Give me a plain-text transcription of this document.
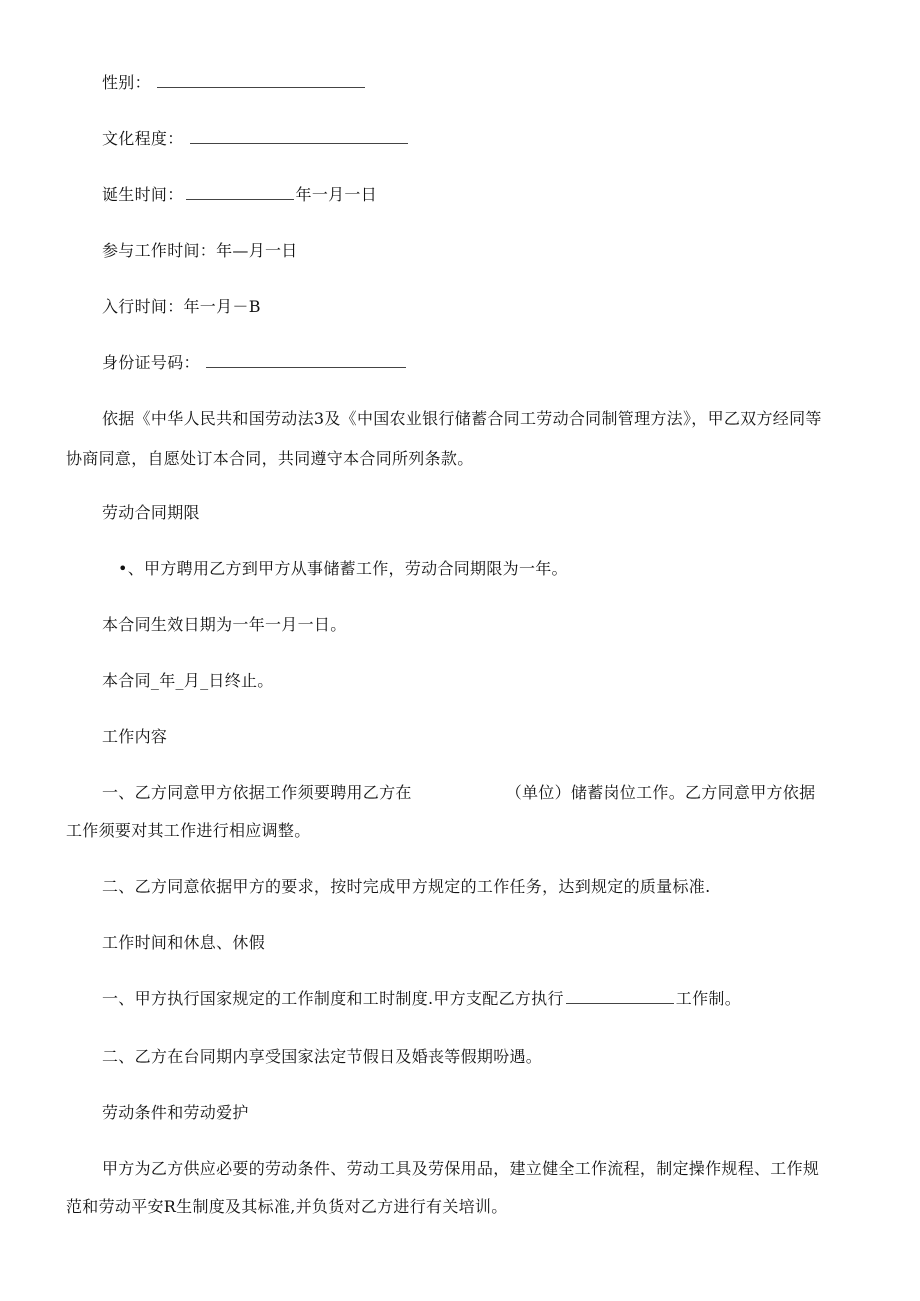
性别：
文化程度：
诞生时间：	年一月一日
参与工作时间：年—月一日
入行时间：年一月－B
身份证号码：
依据《中华人民共和国劳动法3及《中国农业银行储蓄合同工劳动合同制管理方法》，甲乙双方经同等
协商同意，自愿处订本合同，共同遵守本合同所列条款。
劳动合同期限
•、甲方聘用乙方到甲方从事储蓄工作，劳动合同期限为一年。
本合同生效日期为一年一月一日。
本合同_年_月_日终止。
工作内容
一、乙方同意甲方依据工作须要聘用乙方在	（单位）储蓄岗位工作。乙方同意甲方依据
工作须要对其工作进行相应调整。
二、乙方同意依据甲方的要求，按时完成甲方规定的工作任务，达到规定的质量标准.
工作时间和休息、休假
一、甲方执行国家规定的工作制度和工时制度.甲方支配乙方执行	工作制。
二、乙方在台同期内享受国家法定节假日及婚丧等假期吩遇。
劳动条件和劳动爱护
甲方为乙方供应必要的劳动条件、劳动工具及劳保用品，建立健全工作流程，制定操作规程、工作规
范和劳动平安R生制度及其标准,并负货对乙方进行有关培训。
